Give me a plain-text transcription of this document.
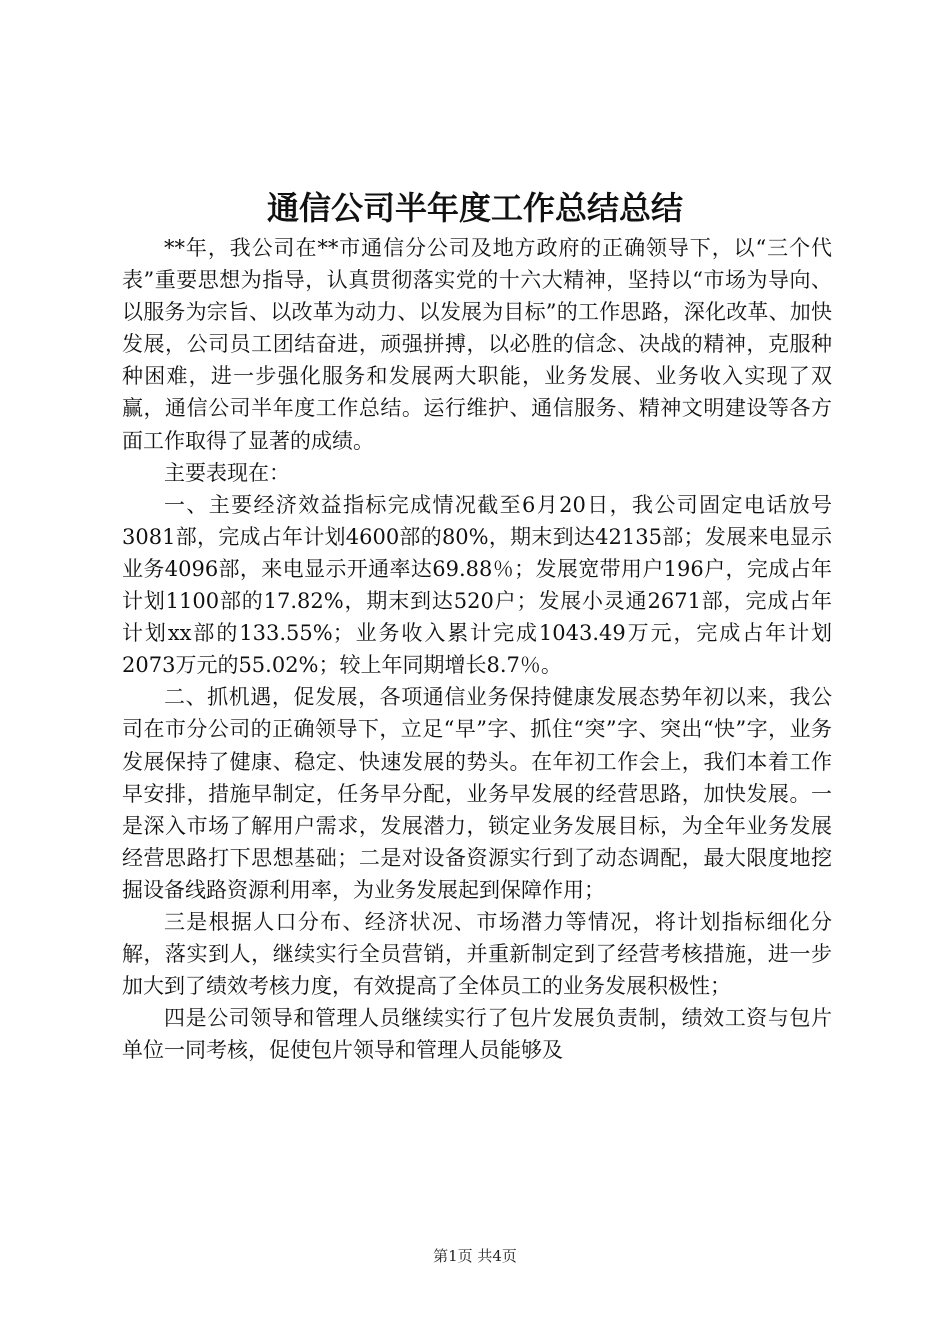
通信公司半年度工作总结总结

**年，我公司在**市通信分公司及地方政府的正确领导下，以“三个代表”重要思想为指导，认真贯彻落实党的十六大精神，坚持以“市场为导向、以服务为宗旨、以改革为动力、以发展为目标”的工作思路，深化改革、加快发展，公司员工团结奋进，顽强拼搏，以必胜的信念、决战的精神，克服种种困难，进一步强化服务和发展两大职能，业务发展、业务收入实现了双赢，通信公司半年度工作总结。运行维护、通信服务、精神文明建设等各方面工作取得了显著的成绩。

主要表现在：

一、主要经济效益指标完成情况截至6月20日，我公司固定电话放号3081部，完成占年计划4600部的80%，期末到达42135部；发展来电显示业务4096部，来电显示开通率达69.88％；发展宽带用户196户，完成占年计划1100部的17.82%，期末到达520户；发展小灵通2671部，完成占年计划xx部的133.55%；业务收入累计完成1043.49万元，完成占年计划2073万元的55.02%；较上年同期增长8.7％。

二、抓机遇，促发展，各项通信业务保持健康发展态势年初以来，我公司在市分公司的正确领导下，立足“早”字、抓住“突”字、突出“快”字，业务发展保持了健康、稳定、快速发展的势头。在年初工作会上，我们本着工作早安排，措施早制定，任务早分配，业务早发展的经营思路，加快发展。一是深入市场了解用户需求，发展潜力，锁定业务发展目标，为全年业务发展经营思路打下思想基础；二是对设备资源实行到了动态调配，最大限度地挖掘设备线路资源利用率，为业务发展起到保障作用；

三是根据人口分布、经济状况、市场潜力等情况，将计划指标细化分解，落实到人，继续实行全员营销，并重新制定到了经营考核措施，进一步加大到了绩效考核力度，有效提高了全体员工的业务发展积极性；

四是公司领导和管理人员继续实行了包片发展负责制，绩效工资与包片单位一同考核，促使包片领导和管理人员能够及

第1页 共4页
